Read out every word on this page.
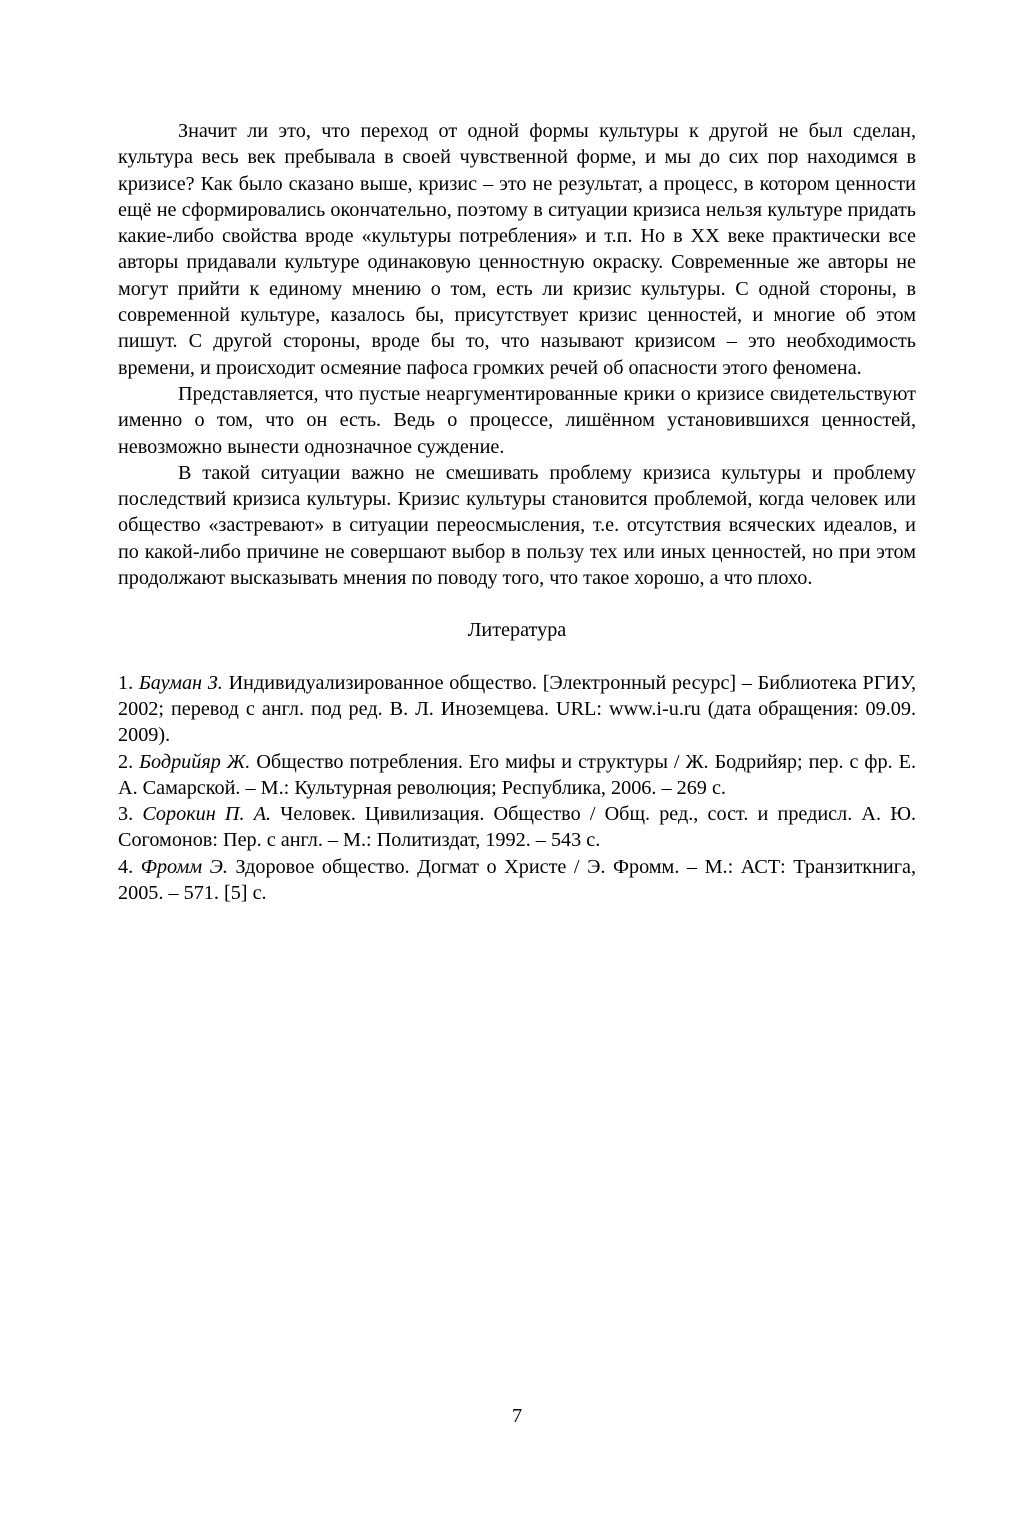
Значит ли это, что переход от одной формы культуры к другой не был сделан, культура весь век пребывала в своей чувственной форме, и мы до сих пор находимся в кризисе? Как было сказано выше, кризис – это не результат, а процесс, в котором ценности ещё не сформировались окончательно, поэтому в ситуации кризиса нельзя культуре придать какие-либо свойства вроде «культуры потребления» и т.п. Но в XX веке практически все авторы придавали культуре одинаковую ценностную окраску. Современные же авторы не могут прийти к единому мнению о том, есть ли кризис культуры. С одной стороны, в современной культуре, казалось бы, присутствует кризис ценностей, и многие об этом пишут. С другой стороны, вроде бы то, что называют кризисом – это необходимость времени, и происходит осмеяние пафоса громких речей об опасности этого феномена.

Представляется, что пустые неаргументированные крики о кризисе свидетельствуют именно о том, что он есть. Ведь о процессе, лишённом установившихся ценностей, невозможно вынести однозначное суждение.

В такой ситуации важно не смешивать проблему кризиса культуры и проблему последствий кризиса культуры. Кризис культуры становится проблемой, когда человек или общество «застревают» в ситуации переосмысления, т.е. отсутствия всяческих идеалов, и по какой-либо причине не совершают выбор в пользу тех или иных ценностей, но при этом продолжают высказывать мнения по поводу того, что такое хорошо, а что плохо.

Литература
1. Бауман З. Индивидуализированное общество. [Электронный ресурс] – Библиотека РГИУ, 2002; перевод с англ. под ред. В. Л. Иноземцева. URL: www.i-u.ru (дата обращения: 09.09. 2009).
2. Бодрийяр Ж. Общество потребления. Его мифы и структуры / Ж. Бодрийяр; пер. с фр. Е. А. Самарской. – М.: Культурная революция; Республика, 2006. – 269 с.
3. Сорокин П. А. Человек. Цивилизация. Общество / Общ. ред., сост. и предисл. А. Ю. Согомонов: Пер. с англ. – М.: Политиздат, 1992. – 543 с.
4. Фромм Э. Здоровое общество. Догмат о Христе / Э. Фромм. – М.: АСТ: Транзиткнига, 2005. – 571. [5] с.
7
